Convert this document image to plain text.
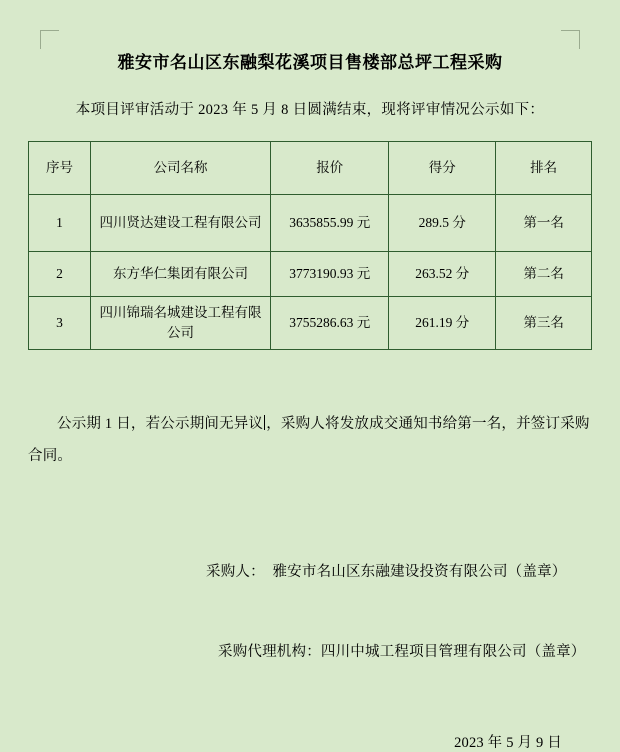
雅安市名山区东融梨花溪项目售楼部总坪工程采购

本项目评审活动于 2023 年 5 月 8 日圆满结束，现将评审情况公示如下：

序号	公司名称	报价	得分	排名
1	四川贤达建设工程有限公司	3635855.99 元	289.5 分	第一名
2	东方华仁集团有限公司	3773190.93 元	263.52 分	第二名
3	四川锦瑞名城建设工程有限公司	3755286.63 元	261.19 分	第三名

公示期 1 日，若公示期间无异议 ，采购人将发放成交通知书给第一名，并签订采购合同。

采购人： 雅安市名山区东融建设投资有限公司（盖章）

采购代理机构：四川中城工程项目管理有限公司（盖章）

2023 年 5 月 9 日
